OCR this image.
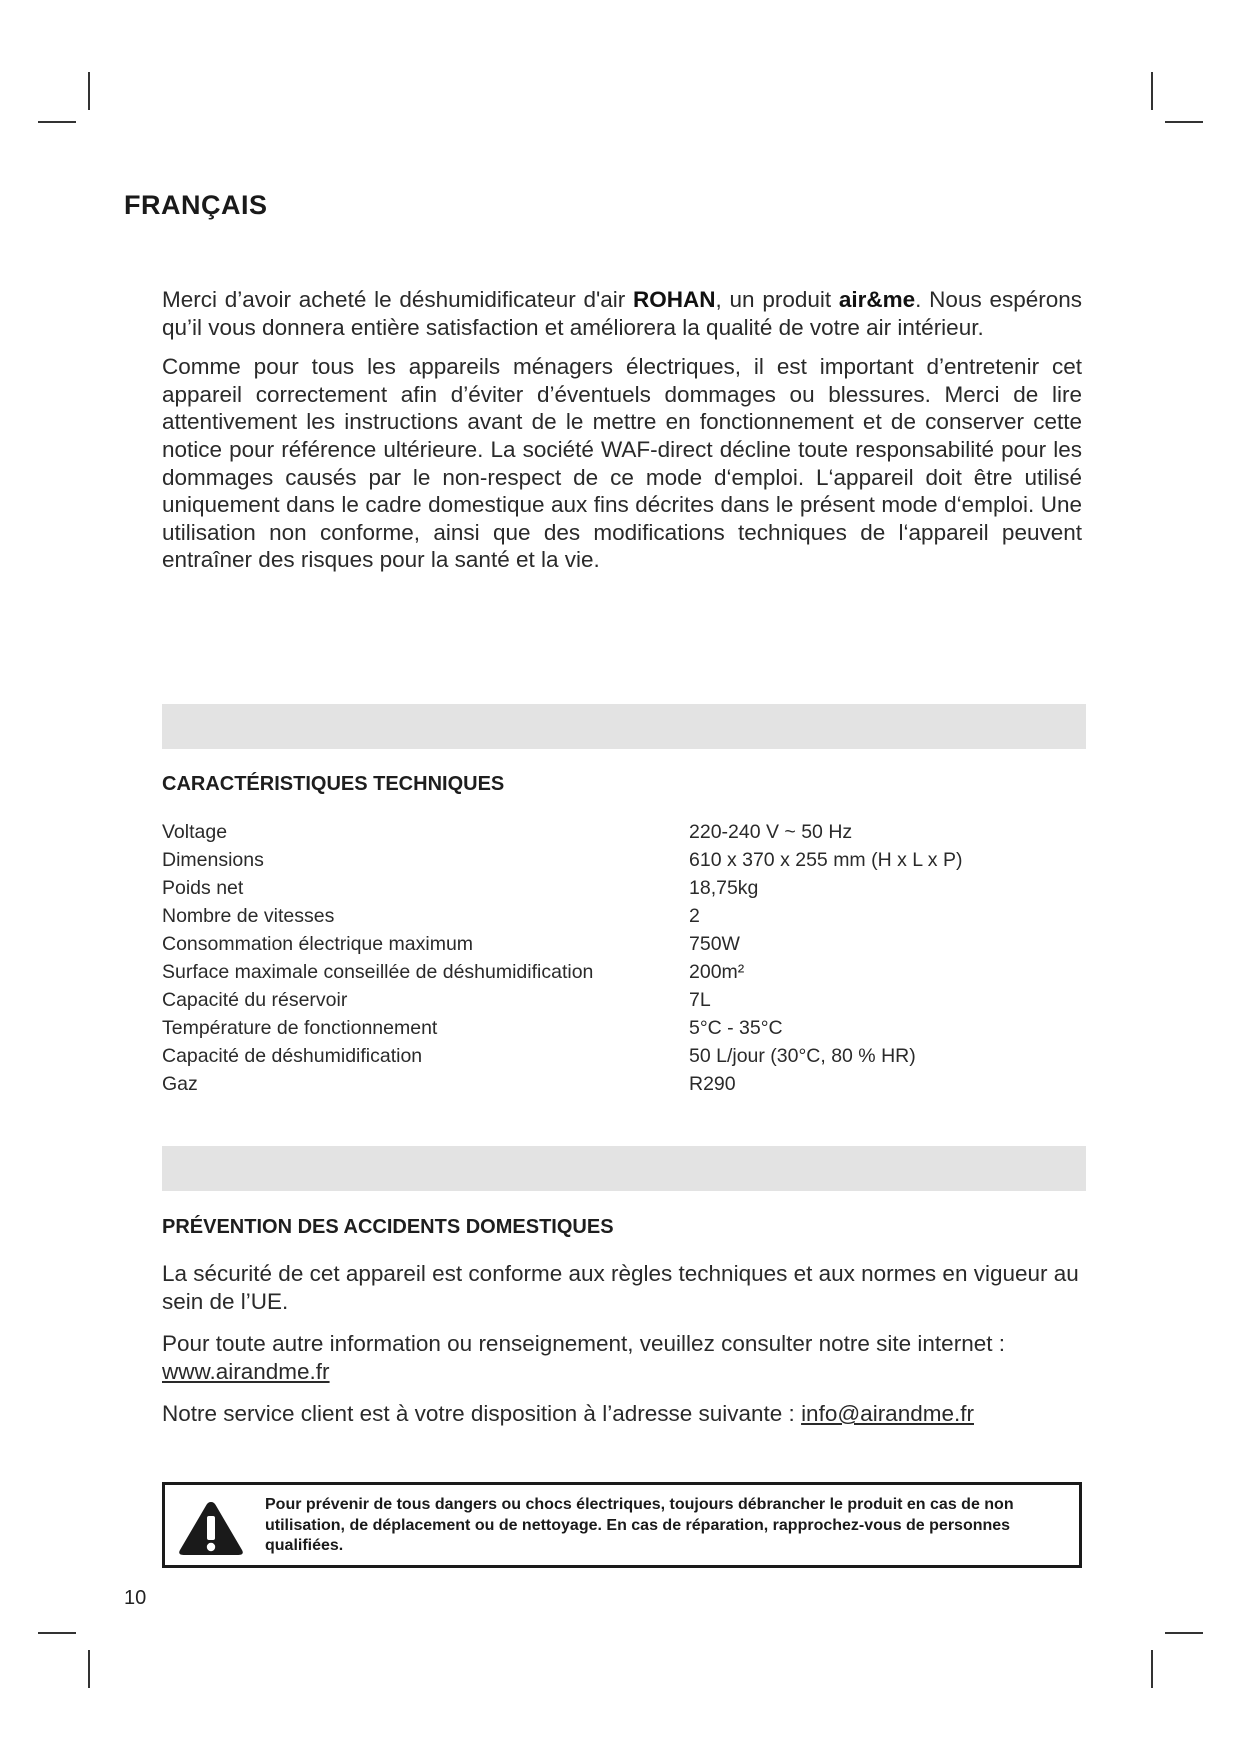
FRANÇAIS

Merci d’avoir acheté le déshumidificateur d'air ROHAN, un produit air&me. Nous espérons qu’il vous donnera entière satisfaction et améliorera la qualité de votre air intérieur.

Comme pour tous les appareils ménagers électriques, il est important d’entretenir cet appareil correctement afin d’éviter d’éventuels dommages ou blessures. Merci de lire attentivement les instructions avant de le mettre en fonctionnement et de conserver cette notice pour référence ultérieure. La société WAF-direct décline toute responsabilité pour les dommages causés par le non-respect de ce mode d‘emploi. L‘appareil doit être utilisé uniquement dans le cadre domestique aux fins décrites dans le présent mode d‘emploi. Une utilisation non conforme, ainsi que des modifications techniques de l‘appareil peuvent entraîner des risques pour la santé et la vie.

CARACTÉRISTIQUES TECHNIQUES
Voltage	220-240 V ~ 50 Hz
Dimensions	610 x 370 x 255 mm (H x L x P)
Poids net	18,75kg
Nombre de vitesses	2
Consommation électrique maximum	750W
Surface maximale conseillée de déshumidification	200m²
Capacité du réservoir	7L
Température de fonctionnement	5°C - 35°C
Capacité de déshumidification	50 L/jour (30°C, 80 % HR)
Gaz	R290
PRÉVENTION DES ACCIDENTS DOMESTIQUES

La sécurité de cet appareil est conforme aux règles techniques et aux normes en vigueur au sein de l’UE.

Pour toute autre information ou renseignement, veuillez consulter notre site internet : www.airandme.fr

Notre service client est à votre disposition à l’adresse suivante : info@airandme.fr

Pour prévenir de tous dangers ou chocs électriques, toujours débrancher le produit en cas de non utilisation, de déplacement ou de nettoyage. En cas de réparation, rapprochez-vous de personnes qualifiées.
10
